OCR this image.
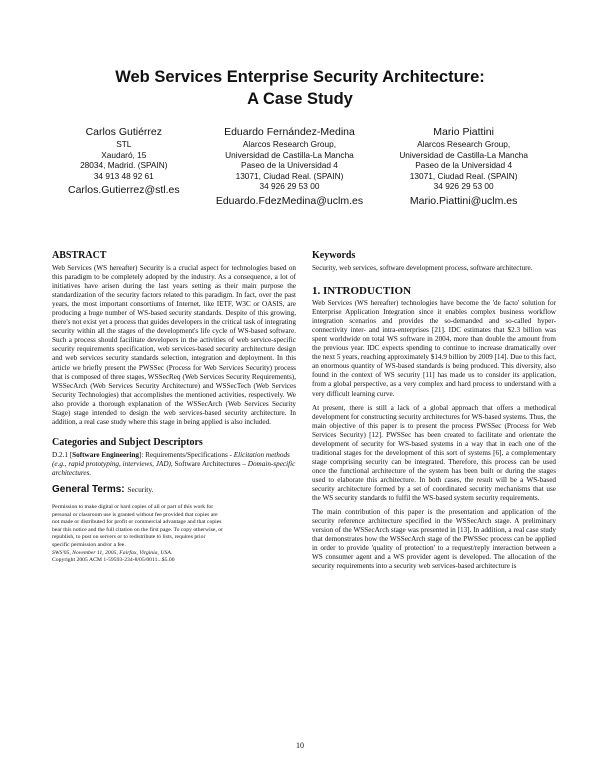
Web Services Enterprise Security Architecture:
A Case Study
Carlos Gutiérrez
STL
Xaudaró, 15
28034, Madrid. (SPAIN)
34 913 48 92 61
Carlos.Gutierrez@stl.es
Eduardo Fernández-Medina
Alarcos Research Group,
Universidad de Castilla-La Mancha
Paseo de la Universidad 4
13071, Ciudad Real. (SPAIN)
34 926 29 53 00
Eduardo.FdezMedina@uclm.es
Mario Piattini
Alarcos Research Group,
Universidad de Castilla-La Mancha
Paseo de la Universidad 4
13071, Ciudad Real. (SPAIN)
34 926 29 53 00
Mario.Piattini@uclm.es
ABSTRACT

Web Services (WS hereafter) Security is a crucial aspect for technologies based on this paradigm to be completely adopted by the industry. As a consequence, a lot of initiatives have arisen during the last years setting as their main purpose the standardization of the security factors related to this paradigm. In fact, over the past years, the most important consortiums of Internet, like IETF, W3C or OASIS, are producing a huge number of WS-based security standards. Despite of this growing, there's not exist yet a process that guides developers in the critical task of integrating security within all the stages of the development's life cycle of WS-based software. Such a process should facilitate developers in the activities of web service-specific security requirements specification, web services-based security architecture design and web services security standards selection, integration and deployment. In this article we briefly present the PWSSec (Process for Web Services Security) process that is composed of three stages, WSSecReq (Web Services Security Requirements), WSSecArch (Web Services Security Architecture) and WSSecTech (Web Services Security Technologies) that accomplishes the mentioned activities, respectively. We also provide a thorough explanation of the WSSecArch (Web Services Security Stage) stage intended to design the web services-based security architecture. In addition, a real case study where this stage in being applied is also included.

Categories and Subject Descriptors

D.2.1 [Software Engineering]: Requirements/Specifications - Elicitation methods (e.g., rapid prototyping, interviews, JAD), Software Architectures – Domain-specific architectures.

General Terms: Security.
Permission to make digital or hard copies of all or part of this work for
personal or classroom use is granted without fee provided that copies are
not made or distributed for profit or commercial advantage and that copies
bear this notice and the full citation on the first page. To copy otherwise, or
republish, to post on servers or to redistribute to lists, requires prior
specific permission and/or a fee.
SWS'05, November 11, 2005, Fairfax, Virginia, USA.
Copyright 2005 ACM 1-59593-234-8/05/0011...$5.00
Keywords

Security, web services, software development process, software architecture.

1. INTRODUCTION

Web Services (WS hereafter) technologies have become the 'de facto' solution for Enterprise Application Integration since it enables complex business workflow integration scenarios and provides the so-demanded and so-called hyper-connectivity inter- and intra-enterprises [21]. IDC estimates that $2.3 billion was spent worldwide on total WS software in 2004, more than double the amount from the previous year. IDC expects spending to continue to increase dramatically over the next 5 years, reaching approximately $14.9 billion by 2009 [14]. Due to this fact, an enormous quantity of WS-based standards is being produced. This diversity, also found in the context of WS security [11] has made us to consider its application, from a global perspective, as a very complex and hard process to understand with a very difficult learning curve.

At present, there is still a lack of a global approach that offers a methodical development for constructing security architectures for WS-based systems. Thus, the main objective of this paper is to present the process PWSSec (Process for Web Services Security) [12]. PWSSec has been created to facilitate and orientate the development of security for WS-based systems in a way that in each one of the traditional stages for the development of this sort of systems [6], a complementary stage comprising security can be integrated. Therefore, this process can be used once the functional architecture of the system has been built or during the stages used to elaborate this architecture. In both cases, the result will be a WS-based security architecture formed by a set of coordinated security mechanisms that use the WS security standards to fulfil the WS-based system security requirements.

The main contribution of this paper is the presentation and application of the security reference architecture specified in the WSSecArch stage. A preliminary version of the WSSecArch stage was presented in [13]. In addition, a real case study that demonstrates how the WSSecArch stage of the PWSSec process can be applied in order to provide 'quality of protection' to a request/reply interaction between a WS consumer agent and a WS provider agent is developed. The allocation of the security requirements into a security web services-based architecture is

10
